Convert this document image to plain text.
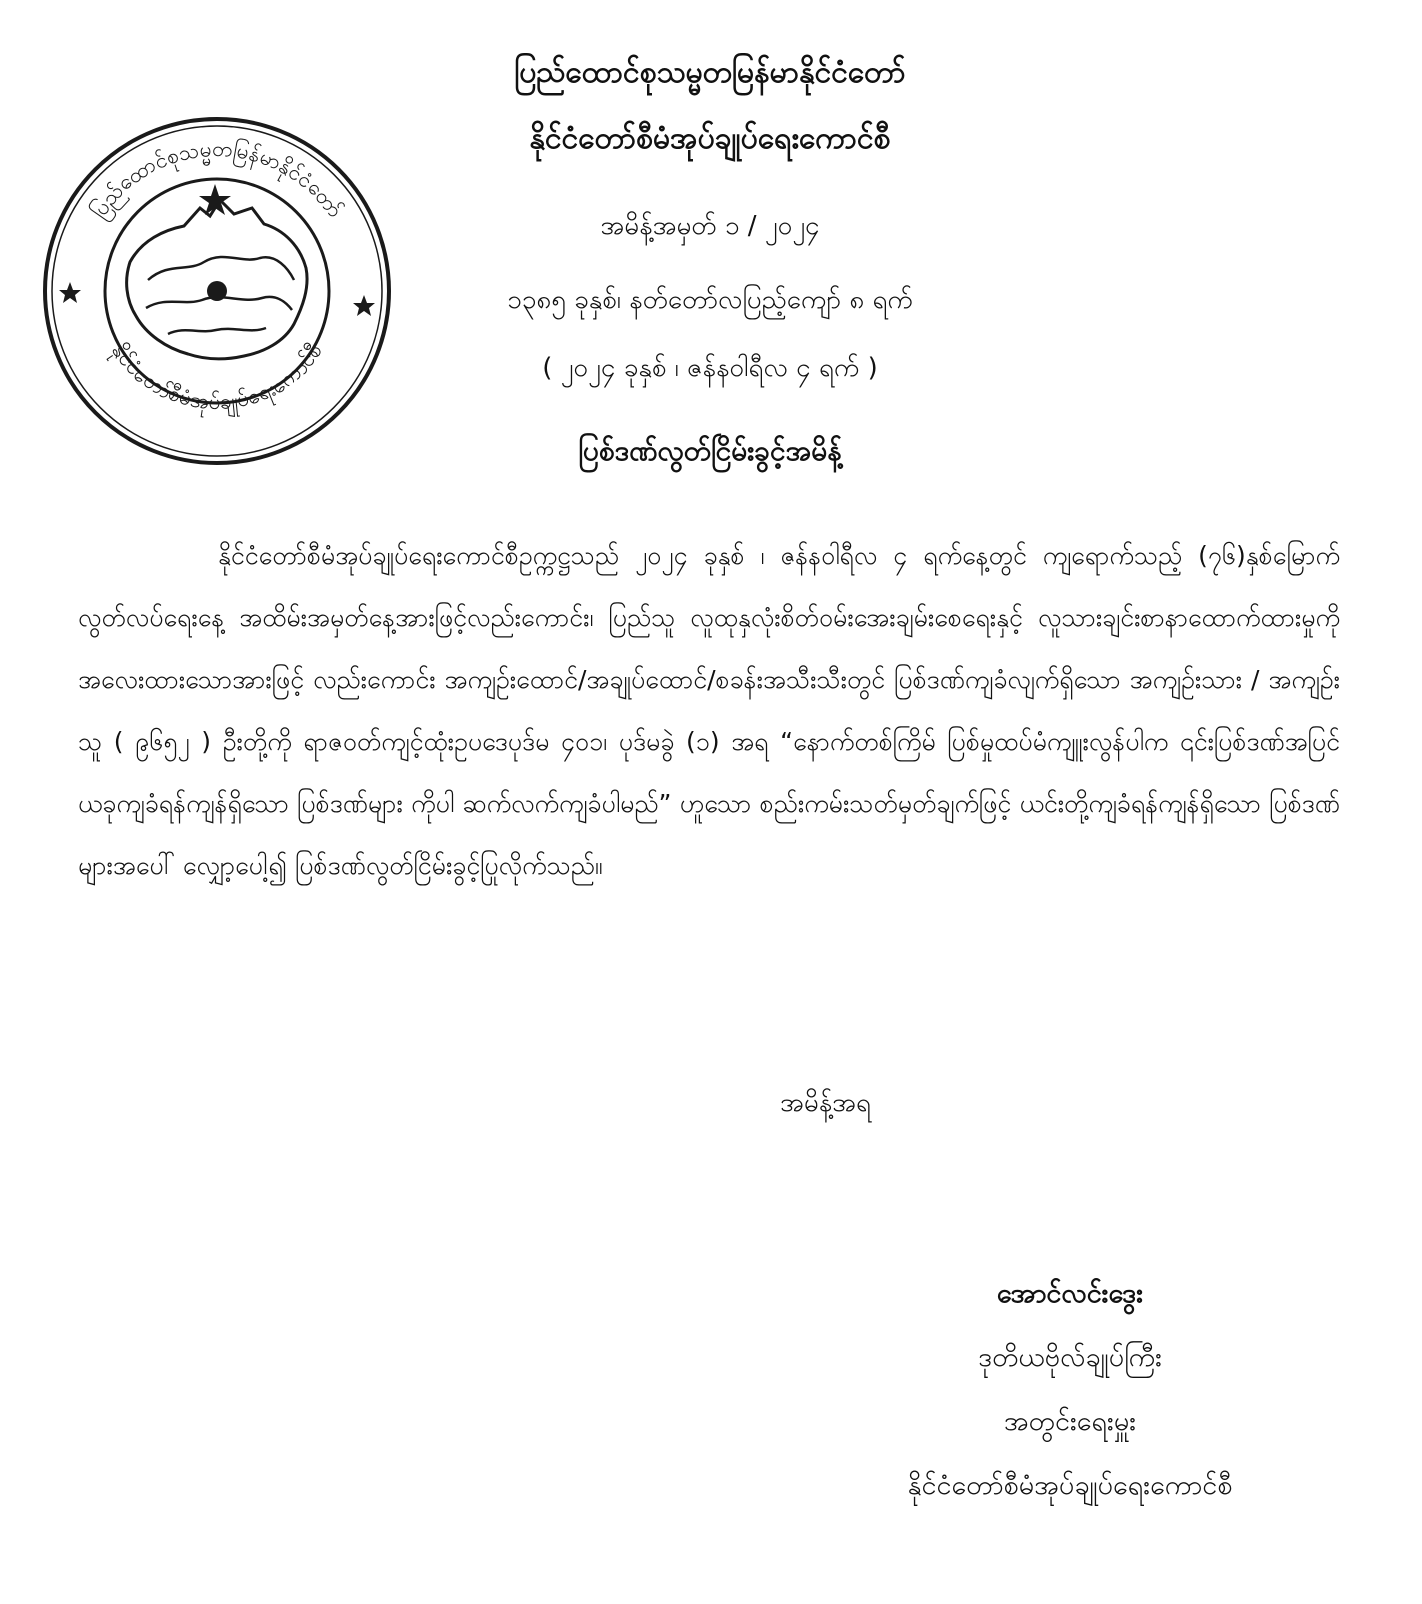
ပြည်ထောင်စုသမ္မတမြန်မာနိုင်ငံတော်
နိုင်ငံတော်စီမံအုပ်ချုပ်ရေးကောင်စီ
ပြည်ထောင်စုသမ္မတမြန်မာနိုင်ငံတော်
နိုင်ငံတော်စီမံအုပ်ချုပ်ရေးကောင်စီ
အမိန့်အမှတ် ၁ / ၂၀၂၄
၁၃၈၅ ခုနှစ်၊ နတ်တော်လပြည့်ကျော် ၈ ရက်
( ၂၀၂၄ ခုနှစ် ၊ ဇန်နဝါရီလ ၄ ရက် )
ပြစ်ဒဏ်လွတ်ငြိမ်းခွင့်အမိန့်
နိုင်ငံတော်စီမံအုပ်ချုပ်ရေးကောင်စီဥက္ကဋ္ဌသည် ၂၀၂၄ ခုနှစ် ၊ ဇန်နဝါရီလ ၄ ရက်နေ့တွင် ကျရောက်သည့် (၇၆)နှစ်မြောက်လွတ်လပ်ရေးနေ့ အထိမ်းအမှတ်နေ့အားဖြင့်လည်းကောင်း၊ ပြည်သူ လူထုနှလုံးစိတ်ဝမ်းအေးချမ်းစေရေးနှင့် လူသားချင်းစာနာထောက်ထားမှုကို အလေးထားသောအားဖြင့် လည်းကောင်း အကျဉ်းထောင်/အချုပ်ထောင်/စခန်းအသီးသီးတွင် ပြစ်ဒဏ်ကျခံလျက်ရှိသော အကျဉ်းသား / အကျဉ်းသူ ( ၉၆၅၂ ) ဦးတို့ကို ရာဇဝတ်ကျင့်ထုံးဥပဒေပုဒ်မ ၄၀၁၊ ပုဒ်မခွဲ (၁) အရ “နောက်တစ်ကြိမ် ပြစ်မှုထပ်မံကျူးလွန်ပါက ၎င်းပြစ်ဒဏ်အပြင် ယခုကျခံရန်ကျန်ရှိသော ပြစ်ဒဏ်များ ကိုပါ ဆက်လက်ကျခံပါမည်” ဟူသော စည်းကမ်းသတ်မှတ်ချက်ဖြင့် ယင်းတို့ကျခံရန်ကျန်ရှိသော ပြစ်ဒဏ်များအပေါ် လျှော့ပေါ့၍ ပြစ်ဒဏ်လွတ်ငြိမ်းခွင့်ပြုလိုက်သည်။
အမိန့်အရ
အောင်လင်းဒွေး
ဒုတိယဗိုလ်ချုပ်ကြီး
အတွင်းရေးမှူး
နိုင်ငံတော်စီမံအုပ်ချုပ်ရေးကောင်စီ
